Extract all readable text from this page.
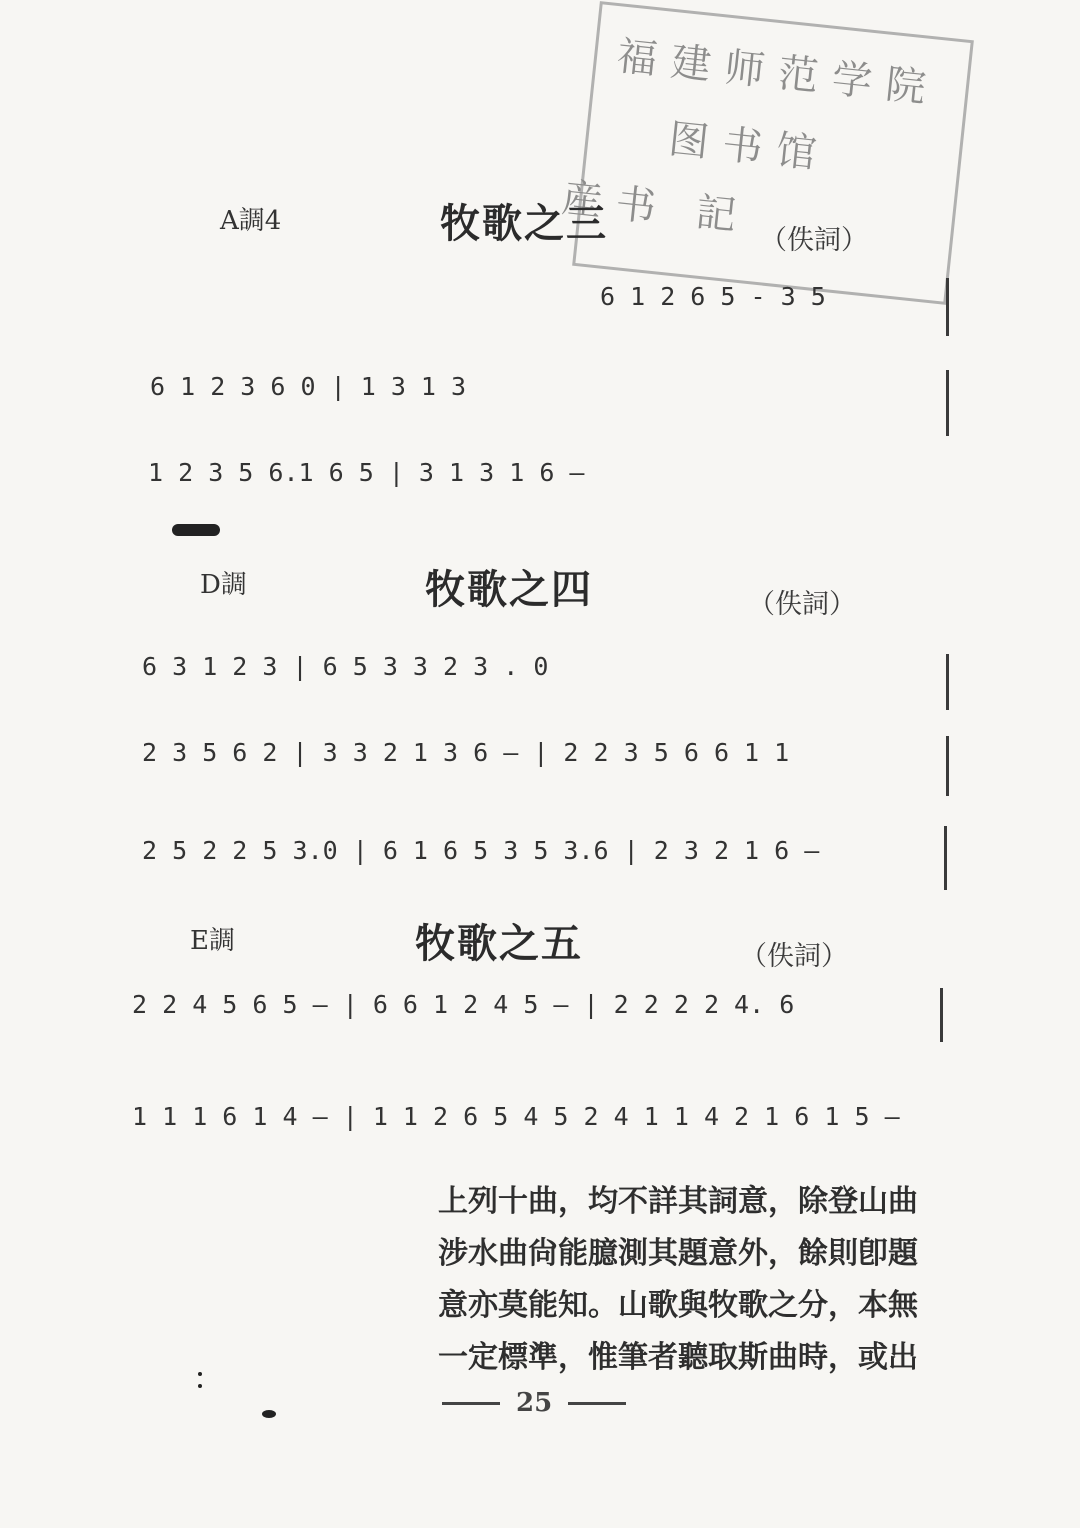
福建师范学院
图书馆
産书 記
A調4	牧歌之三	（佚詞）
6 1 2 6 5 - 3 5
6 1 2 3 6 0 | 1 3 1 3
1 2 3 5 6.1 6 5 | 3 1 3 1 6 —
D調	牧歌之四	（佚詞）
6 3 1 2 3 | 6 5 3 3 2 3 . 0
2 3 5 6 2 | 3 3 2 1 3 6 — | 2 2 3 5 6 6 1 1
2 5 2 2 5 3.0 | 6 1 6 5 3 5 3.6 | 2 3 2 1 6 —
E調	牧歌之五	（佚詞）
2 2 4 5 6 5 — | 6 6 1 2 4 5 — | 2 2 2 2 4. 6
1 1 1 6 1 4 — | 1 1 2 6 5 4 5 2 4 1 1 4 2 1 6 1 5 —
上列十曲，均不詳其詞意，除登山曲
涉水曲尙能臆測其題意外，餘則卽題
意亦莫能知。山歌與牧歌之分，本無
一定標準，惟筆者聽取斯曲時，或出
25
